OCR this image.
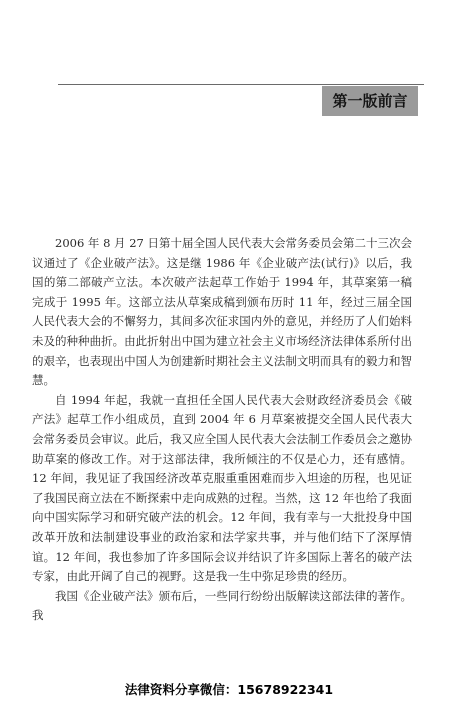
第一版前言

2006 年 8 月 27 日第十届全国人民代表大会常务委员会第二十三次会议通过了《企业破产法》。这是继 1986 年《企业破产法(试行)》以后，我国的第二部破产立法。本次破产法起草工作始于 1994 年，其草案第一稿完成于 1995 年。这部立法从草案成稿到颁布历时 11 年，经过三届全国人民代表大会的不懈努力，其间多次征求国内外的意见，并经历了人们始料未及的种种曲折。由此折射出中国为建立社会主义市场经济法律体系所付出的艰辛，也表现出中国人为创建新时期社会主义法制文明而具有的毅力和智慧。

自 1994 年起，我就一直担任全国人民代表大会财政经济委员会《破产法》起草工作小组成员，直到 2004 年 6 月草案被提交全国人民代表大会常务委员会审议。此后，我又应全国人民代表大会法制工作委员会之邀协助草案的修改工作。对于这部法律，我所倾注的不仅是心力，还有感情。12 年间，我见证了我国经济改革克服重重困难而步入坦途的历程，也见证了我国民商立法在不断探索中走向成熟的过程。当然，这 12 年也给了我面向中国实际学习和研究破产法的机会。12 年间，我有幸与一大批投身中国改革开放和法制建设事业的政治家和法学家共事，并与他们结下了深厚情谊。12 年间，我也参加了许多国际会议并结识了许多国际上著名的破产法专家，由此开阔了自己的视野。这是我一生中弥足珍贵的经历。

我国《企业破产法》颁布后，一些同行纷纷出版解读这部法律的著作。我

法律资料分享微信：15678922341
